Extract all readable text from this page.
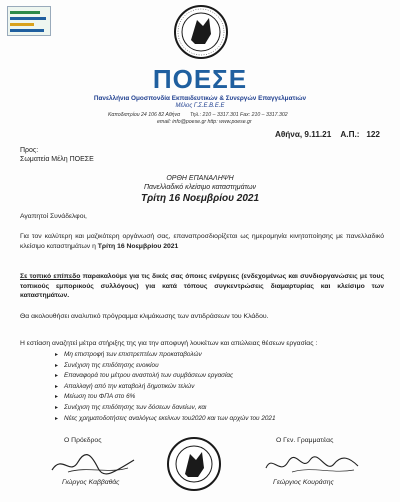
ΠΟΕΣΕ
Πανελλήνια Ομοσπονδία Εκπαιδευτικών & Συνεργών Επαγγελματιών
Μέλος Γ.Σ.Ε.Β.Ε.Ε
Καποδιστρίου 24 106 82 Αθήνα Τηλ.: 210 – 3317.301 Fax: 210 – 3317.302
email: info@poese.gr http: www.poese.gr
Αθήνα, 9.11.21 Α.Π.: 122
Προς:
Σωματεία Μέλη ΠΟΕΣΕ
ΟΡΘΗ ΕΠΑΝΑΛΗΨΗ
Πανελλαδικό κλείσιμο καταστημάτων
Τρίτη 16 Νοεμβρίου 2021
Αγαπητοί Συνάδελφοι,
Για τον καλύτερη και μαζικότερη οργάνωσή σας, επαναπροσδιορίζεται ως ημερομηνία κινητοποίησης με πανελλαδικό κλείσιμο καταστημάτων η Τρίτη 16 Νοεμβρίου 2021
Σε τοπικό επίπεδο παρακαλούμε για τις δικές σας όποιες ενέργειες (ενδεχομένως και συνδιοργανώσεις με τους τοπικούς εμπορικούς συλλόγους) για κατά τόπους συγκεντρώσεις διαμαρτυρίας και κλείσιμο των καταστημάτων.
Θα ακολουθήσει αναλυτικό πρόγραμμα κλιμάκωσης των αντιδράσεων του Κλάδου.
Η εστίαση αναζητεί μέτρα στήριξης της για την αποφυγή λουκέτων και απώλειας θέσεων εργασίας :
▸ Μη επιστροφή των επιστρεπτέων προκαταβολών
▸ Συνέχιση της επιδότησης ενοικίου
▸ Επαναφορά του μέτρου αναστολή των συμβάσεων εργασίας
▸ Απαλλαγή από την καταβολή δημοτικών τελών
▸ Μείωση του ΦΠΑ στο 6%
▸ Συνέχιση της επιδότησης των δόσεων δανείων, και
▸ Νέες χρηματοδοτήσεις αναλόγως εκείνων του2020 και των αρχών του 2021
Ο Πρόεδρος	Ο Γεν. Γραμματέας
Γιώργος Καββαθάς	Γεώργιος Κουράσης
